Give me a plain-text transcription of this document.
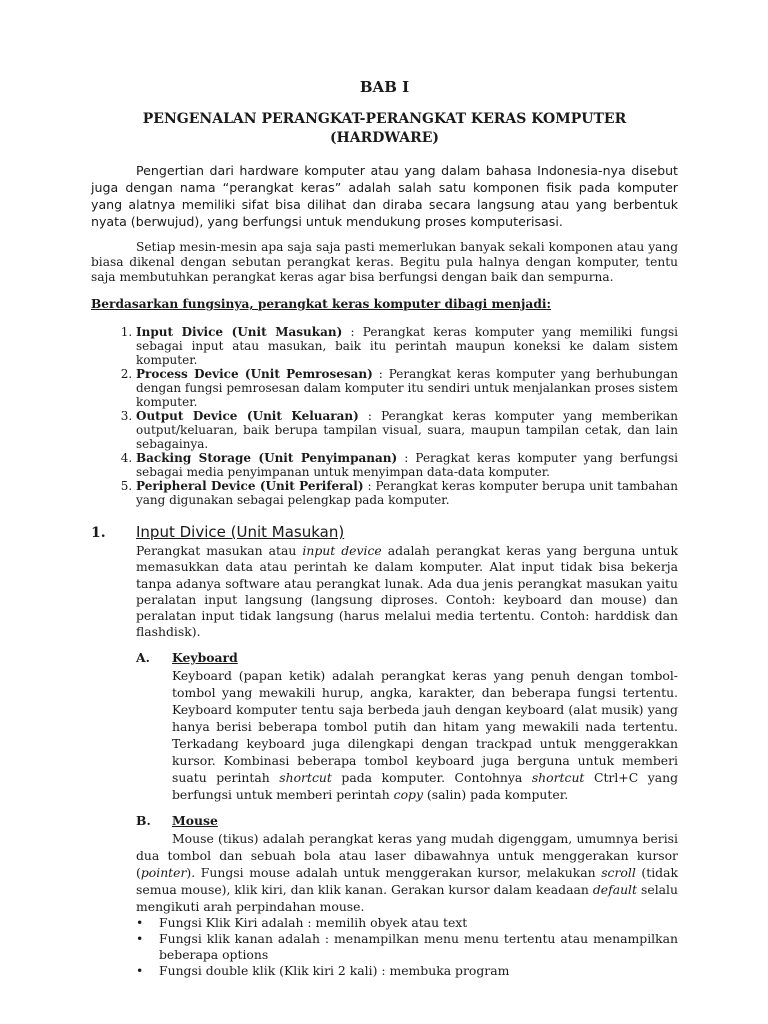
BAB I
PENGENALAN PERANGKAT-PERANGKAT KERAS KOMPUTER
(HARDWARE)

Pengertian dari hardware komputer atau yang dalam bahasa Indonesia-nya disebut juga dengan nama “perangkat keras” adalah salah satu komponen fisik pada komputer yang alatnya memiliki sifat bisa dilihat dan diraba secara langsung atau yang berbentuk nyata (berwujud), yang berfungsi untuk mendukung proses komputerisasi.

Setiap mesin-mesin apa saja saja pasti memerlukan banyak sekali komponen atau yang biasa dikenal dengan sebutan perangkat keras. Begitu pula halnya dengan komputer, tentu saja membutuhkan perangkat keras agar bisa berfungsi dengan baik dan sempurna.

Berdasarkan fungsinya, perangkat keras komputer dibagi menjadi:
1. Input Divice (Unit Masukan) : Perangkat keras komputer yang memiliki fungsi sebagai input atau masukan, baik itu perintah maupun koneksi ke dalam sistem komputer.
2. Process Device (Unit Pemrosesan) : Perangkat keras komputer yang berhubungan dengan fungsi pemrosesan dalam komputer itu sendiri untuk menjalankan proses sistem komputer.
3. Output Device (Unit Keluaran) : Perangkat keras komputer yang memberikan output/keluaran, baik berupa tampilan visual, suara, maupun tampilan cetak, dan lain sebagainya.
4. Backing Storage (Unit Penyimpanan) : Peragkat keras komputer yang berfungsi sebagai media penyimpanan untuk menyimpan data-data komputer.
5. Peripheral Device (Unit Periferal) : Perangkat keras komputer berupa unit tambahan yang digunakan sebagai pelengkap pada komputer.
1.	Input Divice (Unit Masukan)
Perangkat masukan atau input device adalah perangkat keras yang berguna untuk memasukkan data atau perintah ke dalam komputer. Alat input tidak bisa bekerja tanpa adanya software atau perangkat lunak. Ada dua jenis perangkat masukan yaitu peralatan input langsung (langsung diproses. Contoh: keyboard dan mouse) dan peralatan input tidak langsung (harus melalui media tertentu. Contoh: harddisk dan flashdisk).
A.	Keyboard
Keyboard (papan ketik) adalah perangkat keras yang penuh dengan tombol-tombol yang mewakili hurup, angka, karakter, dan beberapa fungsi tertentu. Keyboard komputer tentu saja berbeda jauh dengan keyboard (alat musik) yang hanya berisi beberapa tombol putih dan hitam yang mewakili nada tertentu. Terkadang keyboard juga dilengkapi dengan trackpad untuk menggerakkan kursor. Kombinasi beberapa tombol keyboard juga berguna untuk memberi suatu perintah shortcut pada komputer. Contohnya shortcut Ctrl+C yang berfungsi untuk memberi perintah copy (salin) pada komputer.
B.	Mouse
Mouse (tikus) adalah perangkat keras yang mudah digenggam, umumnya berisi dua tombol dan sebuah bola atau laser dibawahnya untuk menggerakan kursor (pointer). Fungsi mouse adalah untuk menggerakan kursor, melakukan scroll (tidak semua mouse), klik kiri, dan klik kanan. Gerakan kursor dalam keadaan default selalu mengikuti arah perpindahan mouse.
•	Fungsi Klik Kiri adalah : memilih obyek atau text
•	Fungsi klik kanan adalah : menampilkan menu menu tertentu atau menampilkan beberapa options
•	Fungsi double klik (Klik kiri 2 kali) : membuka program
